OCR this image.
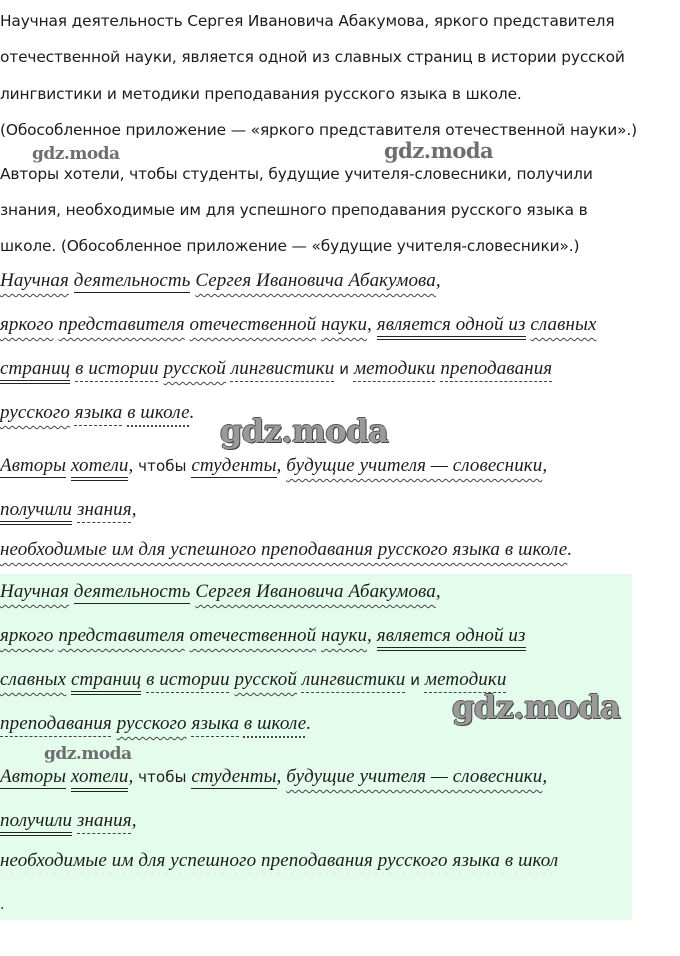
Научная деятельность Сергея Ивановича Абакумова, яркого представителя
отечественной науки, является одной из славных страниц в истории русской
лингвистики и методики преподавания русского языка в школе.
(Обособленное приложение — «яркого представителя отечественной науки».)
Авторы хотели, чтобы студенты, будущие учителя-словесники, получили
знания, необходимые им для успешного преподавания русского языка в
школе. (Обособленное приложение — «будущие учителя-словесники».)
Научная деятельность Сергея Ивановича Абакумова,
яркого представителя отечественной науки, является одной из славных
страниц в истории русской лингвистики и методики преподавания
русского языка в школе.
Авторы хотели, чтобы студенты, будущие учителя — словесники,
получили знания,
необходимые им для успешного преподавания русского языка в школе.
Научная деятельность Сергея Ивановича Абакумова,
яркого представителя отечественной науки, является одной из
славных страниц в истории русской лингвистики и методики
преподавания русского языка в школе.
Авторы хотели, чтобы студенты, будущие учителя — словесники,
получили знания,
необходимые им для успешного преподавания русского языка в школ
.
gdz.moda	gdz.moda
gdz.moda
gdz.moda
gdz.moda
